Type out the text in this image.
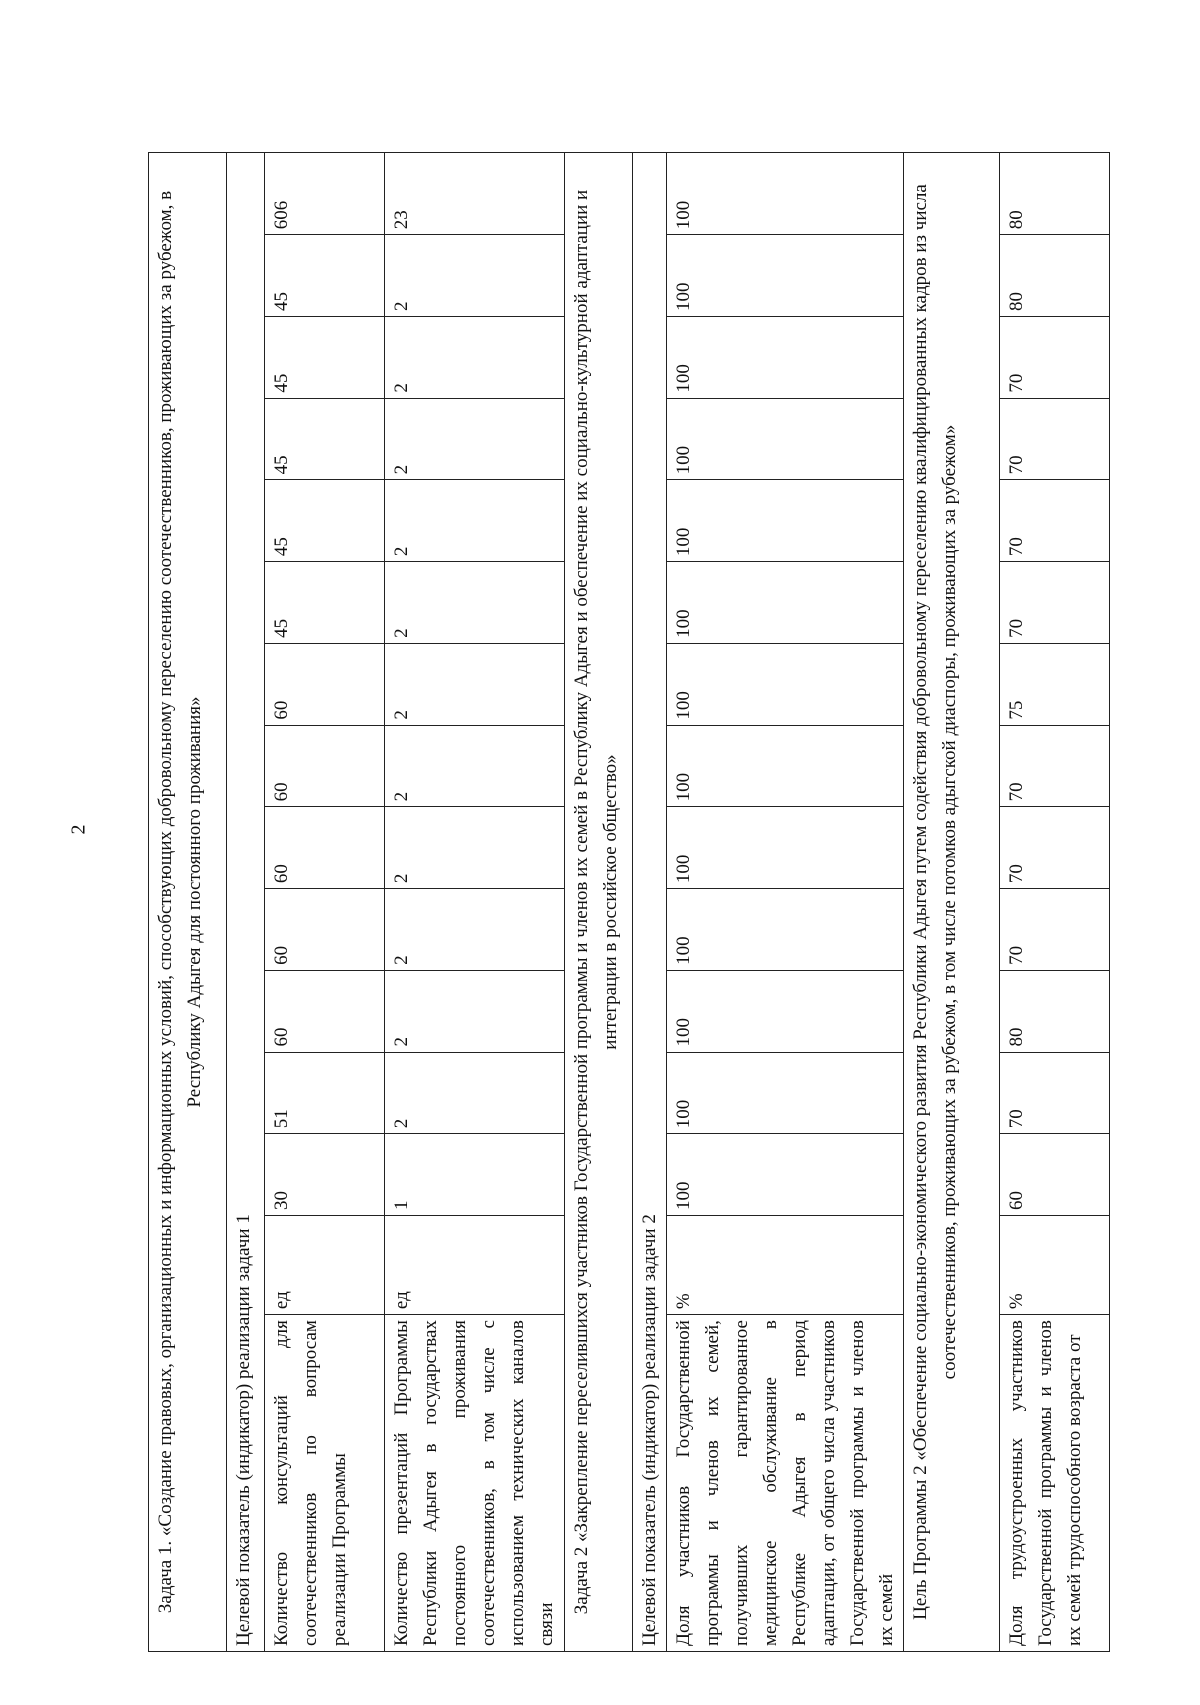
2	Задача 1. «Создание правовых, организационных и информационных условий, способствующих добровольному переселению соотечественников, проживающих за рубежом, в Республику Адыгея для постоянного проживания»														
Целевой показатель (индикатор) реализации задачи 1														
Количество консультаций для соотечественников по вопросам реализации Программы	ед	30	51	60	60	60	60	60	45	45	45	45	45	606
Количество презентаций Программы Республики Адыгея в государствах постоянного проживания соотечественников, в том числе с использованием технических каналов связи	ед	1	2	2	2	2	2	2	2	2	2	2	2	23
Задача 2 «Закрепление переселившихся участников Государственной программы и членов их семей в Республику Адыгея и обеспечение их социально-культурной адаптации и интеграции в российское общество»														
Целевой показатель (индикатор) реализации задачи 2														
Доля участников Государственной программы и членов их семей, получивших гарантированное медицинское обслуживание в Республике Адыгея в период адаптации, от общего числа участников Государственной программы и членов их семей	%	100	100	100	100	100	100	100	100	100	100	100	100	100
Цель Программы 2 «Обеспечение социально-экономического развития Республики Адыгея путем содействия добровольному переселению квалифицированных кадров из числа соотечественников, проживающих за рубежом, в том числе потомков адыгской диаспоры, проживающих за рубежом»														
Доля трудоустроенных участников Государственной программы и членов их семей трудоспособного возраста от	%	60	70	80	70	70	70	75	70	70	70	70	80	80
